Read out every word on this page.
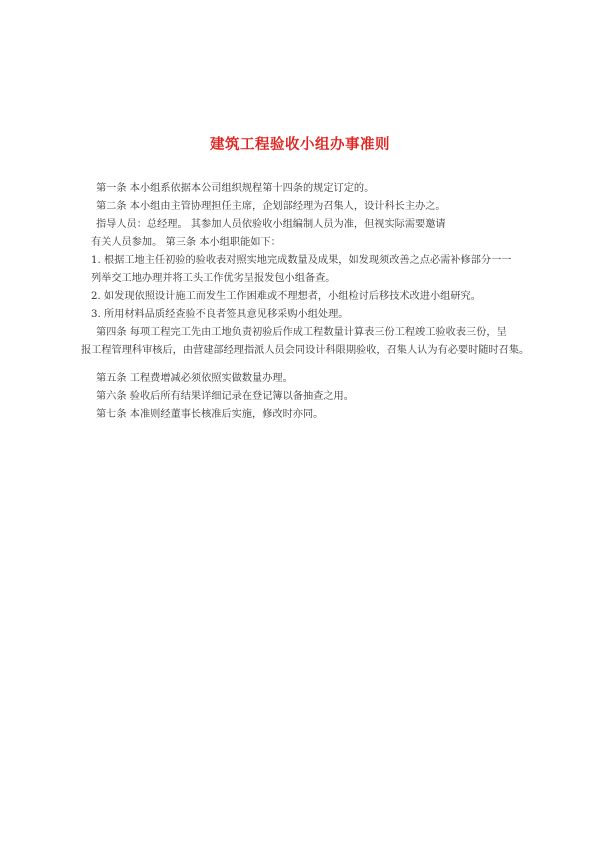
建筑工程验收小组办事准则
第一条 本小组系依据本公司组织规程第十四条的规定订定的。
第二条 本小组由主管协理担任主席，企划部经理为召集人，设计科长主办之。
指导人员：总经理。 其参加人员依验收小组编制人员为准，但视实际需要邀请
有关人员参加。 第三条 本小组职能如下：
1. 根据工地主任初验的验收表对照实地完成数量及成果，如发现须改善之点必需补修部分一一
列举交工地办理并将工头工作优劣呈报发包小组备查。
2. 如发现依照设计施工而发生工作困难或不理想者，小组检讨后移技术改进小组研究。
3. 所用材料品质经查验不良者签具意见移采购小组处理。
第四条 每项工程完工先由工地负责初验后作成工程数量计算表三份工程竣工验收表三份，呈
报工程管理科审核后，由营建部经理指派人员会同设计科限期验收，召集人认为有必要时随时召集。
第五条 工程费增减必须依照实做数量办理。
第六条 验收后所有结果详细记录在登记簿以备抽查之用。
第七条 本准则经董事长核准后实施，修改时亦同。
